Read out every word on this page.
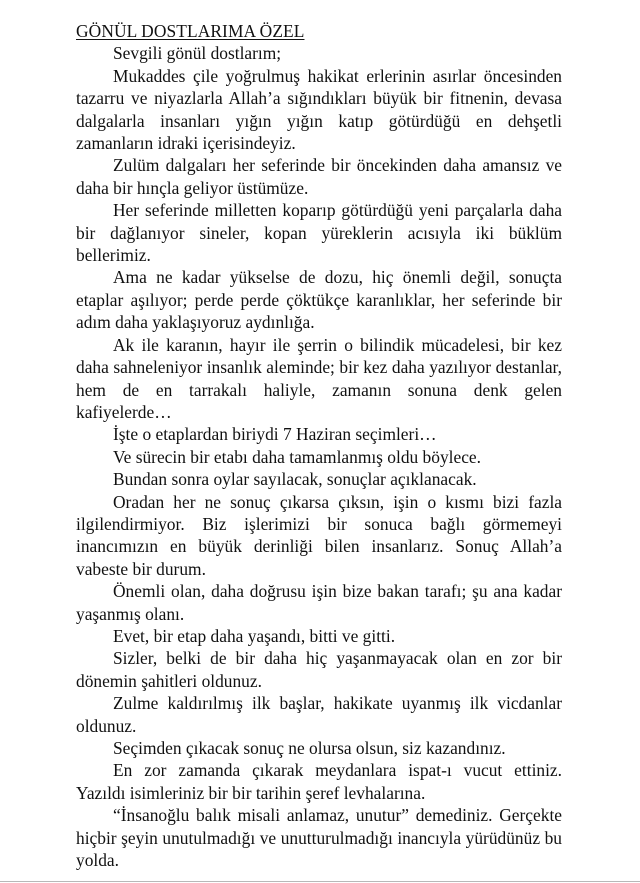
GÖNÜL DOSTLARIMA ÖZEL

Sevgili gönül dostlarım;

Mukaddes çile yoğrulmuş hakikat erlerinin asırlar öncesinden tazarru ve niyazlarla Allah’a sığındıkları büyük bir fitnenin, devasa dalgalarla insanları yığın yığın katıp götürdüğü en dehşetli zamanların idraki içerisindeyiz.

Zulüm dalgaları her seferinde bir öncekinden daha amansız ve daha bir hınçla geliyor üstümüze.

Her seferinde milletten koparıp götürdüğü yeni parçalarla daha bir dağlanıyor sineler, kopan yüreklerin acısıyla iki büklüm bellerimiz.

Ama ne kadar yükselse de dozu, hiç önemli değil, sonuçta etaplar aşılıyor; perde perde çöktükçe karanlıklar, her seferinde bir adım daha yaklaşıyoruz aydınlığa.

Ak ile karanın, hayır ile şerrin o bilindik mücadelesi, bir kez daha sahneleniyor insanlık aleminde; bir kez daha yazılıyor destanlar, hem de en tarrakalı haliyle, zamanın sonuna denk gelen kafiyelerde…

İşte o etaplardan biriydi 7 Haziran seçimleri…

Ve sürecin bir etabı daha tamamlanmış oldu böylece.

Bundan sonra oylar sayılacak, sonuçlar açıklanacak.

Oradan her ne sonuç çıkarsa çıksın, işin o kısmı bizi fazla ilgilendirmiyor. Biz işlerimizi bir sonuca bağlı görmemeyi inancımızın en büyük derinliği bilen insanlarız. Sonuç Allah’a vabeste bir durum.

Önemli olan, daha doğrusu işin bize bakan tarafı; şu ana kadar yaşanmış olanı.

Evet, bir etap daha yaşandı, bitti ve gitti.

Sizler, belki de bir daha hiç yaşanmayacak olan en zor bir dönemin şahitleri oldunuz.

Zulme kaldırılmış ilk başlar, hakikate uyanmış ilk vicdanlar oldunuz.

Seçimden çıkacak sonuç ne olursa olsun, siz kazandınız.

En zor zamanda çıkarak meydanlara ispat-ı vucut ettiniz. Yazıldı isimleriniz bir bir tarihin şeref levhalarına.

“İnsanoğlu balık misali anlamaz, unutur” demediniz. Gerçekte hiçbir şeyin unutulmadığı ve unutturulmadığı inancıyla yürüdünüz bu yolda.
